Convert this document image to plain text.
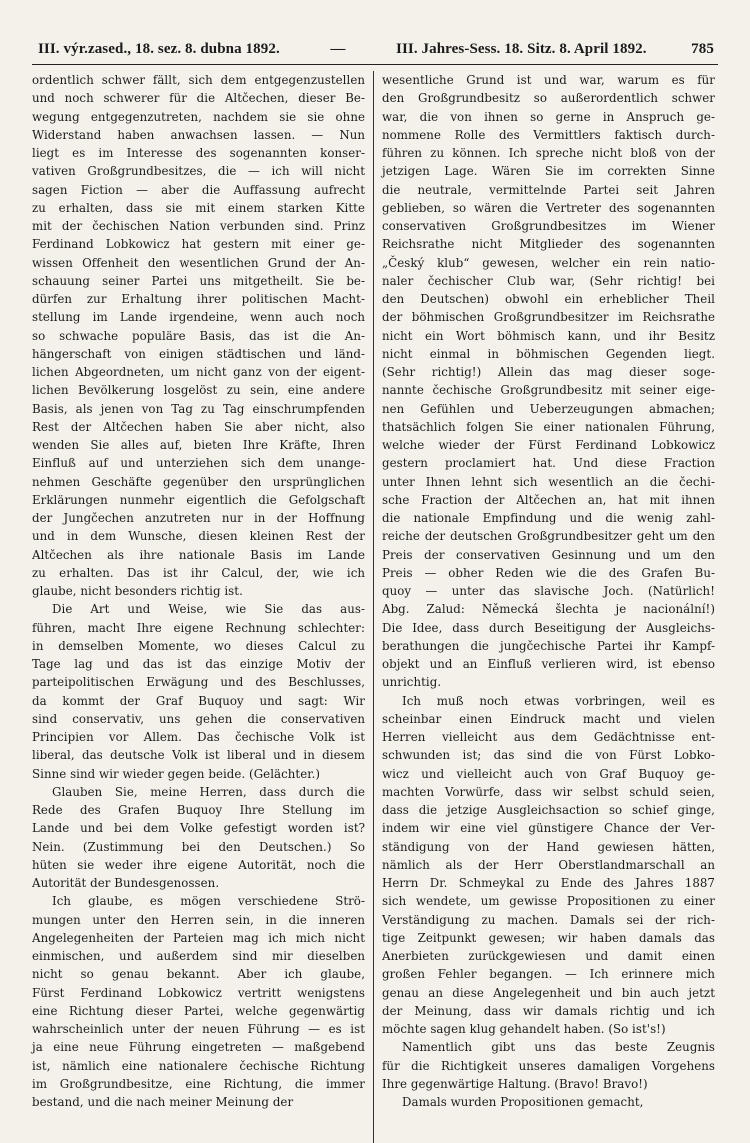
III. výr.zased., 18. sez. 8. dubna 1892.	—	III. Jahres-Sess. 18. Sitz. 8. April 1892.	785

ordentlich schwer fällt, sich dem entgegenzustellen
und noch schwerer für die Altčechen, dieser Be-
wegung entgegenzutreten, nachdem sie sie ohne
Widerstand haben anwachsen lassen. — Nun
liegt es im Interesse des sogenannten konser-
vativen Großgrundbesitzes, die — ich will nicht
sagen Fiction — aber die Auffassung aufrecht
zu erhalten, dass sie mit einem starken Kitte
mit der čechischen Nation verbunden sind. Prinz
Ferdinand Lobkowicz hat gestern mit einer ge-
wissen Offenheit den wesentlichen Grund der An-
schauung seiner Partei uns mitgetheilt. Sie be-
dürfen zur Erhaltung ihrer politischen Macht-
stellung im Lande irgendeine, wenn auch noch
so schwache populäre Basis, das ist die An-
hängerschaft von einigen städtischen und länd-
lichen Abgeordneten, um nicht ganz von der eigent-
lichen Bevölkerung losgelöst zu sein, eine andere
Basis, als jenen von Tag zu Tag einschrumpfenden
Rest der Altčechen haben Sie aber nicht, also
wenden Sie alles auf, bieten Ihre Kräfte, Ihren
Einfluß auf und unterziehen sich dem unange-
nehmen Geschäfte gegenüber den ursprünglichen
Erklärungen nunmehr eigentlich die Gefolgschaft
der Jungčechen anzutreten nur in der Hoffnung
und in dem Wunsche, diesen kleinen Rest der
Altčechen als ihre nationale Basis im Lande
zu erhalten. Das ist ihr Calcul, der, wie ich
glaube, nicht besonders richtig ist.

Die Art und Weise, wie Sie das aus-
führen, macht Ihre eigene Rechnung schlechter:
in demselben Momente, wo dieses Calcul zu
Tage lag und das ist das einzige Motiv der
parteipolitischen Erwägung und des Beschlusses,
da kommt der Graf Buquoy und sagt: Wir
sind conservativ, uns gehen die conservativen
Principien vor Allem. Das čechische Volk ist
liberal, das deutsche Volk ist liberal und in diesem
Sinne sind wir wieder gegen beide. (Gelächter.)

Glauben Sie, meine Herren, dass durch die
Rede des Grafen Buquoy Ihre Stellung im
Lande und bei dem Volke gefestigt worden ist?
Nein. (Zustimmung bei den Deutschen.) So
hüten sie weder ihre eigene Autorität, noch die
Autorität der Bundesgenossen.

Ich glaube, es mögen verschiedene Strö-
mungen unter den Herren sein, in die inneren
Angelegenheiten der Parteien mag ich mich nicht
einmischen, und außerdem sind mir dieselben
nicht so genau bekannt. Aber ich glaube,
Fürst Ferdinand Lobkowicz vertritt wenigstens
eine Richtung dieser Partei, welche gegenwärtig
wahrscheinlich unter der neuen Führung — es ist
ja eine neue Führung eingetreten — maßgebend
ist, nämlich eine nationalere čechische Richtung
im Großgrundbesitze, eine Richtung, die immer
bestand, und die nach meiner Meinung der

wesentliche Grund ist und war, warum es für
den Großgrundbesitz so außerordentlich schwer
war, die von ihnen so gerne in Anspruch ge-
nommene Rolle des Vermittlers faktisch durch-
führen zu können. Ich spreche nicht bloß von der
jetzigen Lage. Wären Sie im correkten Sinne
die neutrale, vermittelnde Partei seit Jahren
geblieben, so wären die Vertreter des sogenannten
conservativen Großgrundbesitzes im Wiener
Reichsrathe nicht Mitglieder des sogenannten
„Český klub“ gewesen, welcher ein rein natio-
naler čechischer Club war, (Sehr richtig! bei
den Deutschen) obwohl ein erheblicher Theil
der böhmischen Großgrundbesitzer im Reichsrathe
nicht ein Wort böhmisch kann, und ihr Besitz
nicht einmal in böhmischen Gegenden liegt.
(Sehr richtig!) Allein das mag dieser soge-
nannte čechische Großgrundbesitz mit seiner eige-
nen Gefühlen und Ueberzeugungen abmachen;
thatsächlich folgen Sie einer nationalen Führung,
welche wieder der Fürst Ferdinand Lobkowicz
gestern proclamiert hat. Und diese Fraction
unter Ihnen lehnt sich wesentlich an die čechi-
sche Fraction der Altčechen an, hat mit ihnen
die nationale Empfindung und die wenig zahl-
reiche der deutschen Großgrundbesitzer geht um den
Preis der conservativen Gesinnung und um den
Preis — obher Reden wie die des Grafen Bu-
quoy — unter das slavische Joch. (Natürlich!
Abg. Zalud: Německá šlechta je nacionální!)
Die Idee, dass durch Beseitigung der Ausgleichs-
berathungen die jungčechische Partei ihr Kampf-
objekt und an Einfluß verlieren wird, ist ebenso
unrichtig.

Ich muß noch etwas vorbringen, weil es
scheinbar einen Eindruck macht und vielen
Herren vielleicht aus dem Gedächtnisse ent-
schwunden ist; das sind die von Fürst Lobko-
wicz und vielleicht auch von Graf Buquoy ge-
machten Vorwürfe, dass wir selbst schuld seien,
dass die jetzige Ausgleichsaction so schief ginge,
indem wir eine viel günstigere Chance der Ver-
ständigung von der Hand gewiesen hätten,
nämlich als der Herr Oberstlandmarschall an
Herrn Dr. Schmeykal zu Ende des Jahres 1887
sich wendete, um gewisse Propositionen zu einer
Verständigung zu machen. Damals sei der rich-
tige Zeitpunkt gewesen; wir haben damals das
Anerbieten zurückgewiesen und damit einen
großen Fehler begangen. — Ich erinnere mich
genau an diese Angelegenheit und bin auch jetzt
der Meinung, dass wir damals richtig und ich
möchte sagen klug gehandelt haben. (So ist's!)

Namentlich gibt uns das beste Zeugnis
für die Richtigkeit unseres damaligen Vorgehens
Ihre gegenwärtige Haltung. (Bravo! Bravo!)

Damals wurden Propositionen gemacht,
